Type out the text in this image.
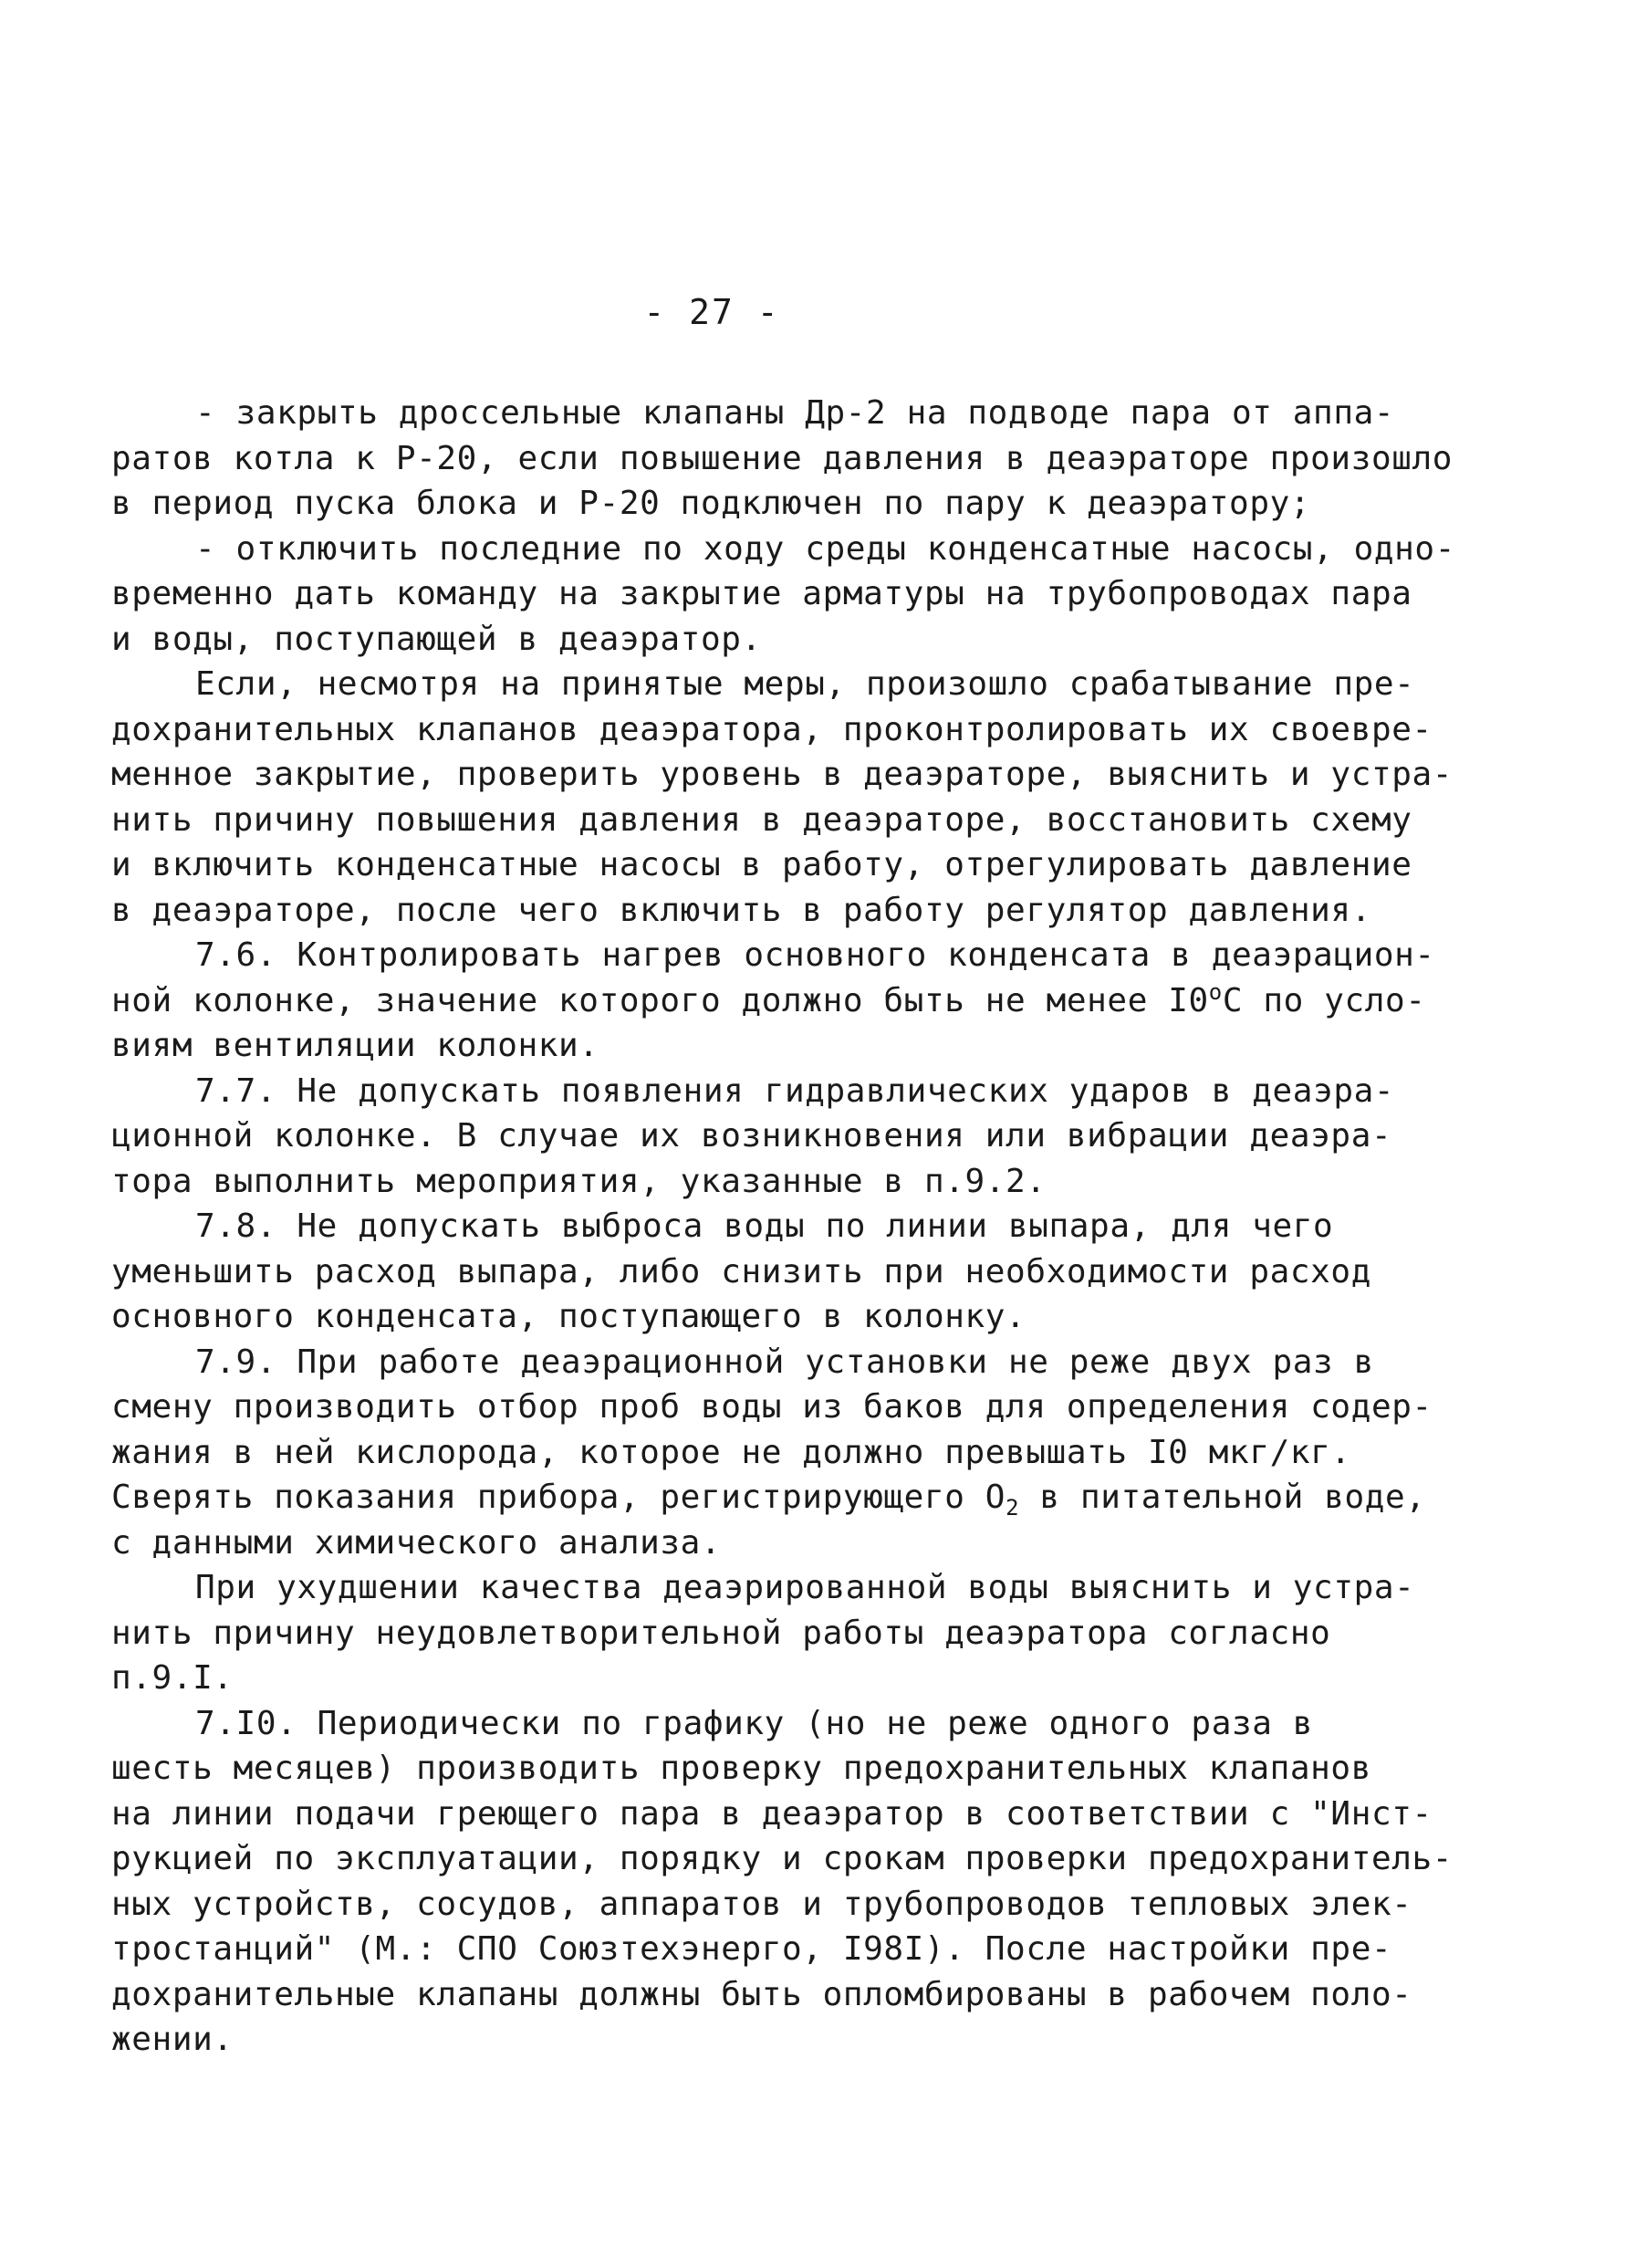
- 27 -
- закрыть дроссельные клапаны Др-2 на подводе пара от аппа-
ратов котла к Р-20, если повышение давления в деаэраторе произошло
в период пуска блока и Р-20 подключен по пару к деаэратору;
- отключить последние по ходу среды конденсатные насосы, одно-
временно дать команду на закрытие арматуры на трубопроводах пара
и воды, поступающей в деаэратор.
Если, несмотря на принятые меры, произошло срабатывание пре-
дохранительных клапанов деаэратора, проконтролировать их своевре-
менное закрытие, проверить уровень в деаэраторе, выяснить и устра-
нить причину повышения давления в деаэраторе, восстановить схему
и включить конденсатные насосы в работу, отрегулировать давление
в деаэраторе, после чего включить в работу регулятор давления.
7.6. Контролировать нагрев основного конденсата в деаэрацион-
ной колонке, значение которого должно быть не менее $I0^оС$ по усло-
виям вентиляции колонки.
7.7. Не допускать появления гидравлических ударов в деаэра-
ционной колонке. В случае их возникновения или вибрации деаэра-
тора выполнить мероприятия, указанные в п.9.2.
7.8. Не допускать выброса воды по линии выпара, для чего
уменьшить расход выпара, либо снизить при необходимости расход
основного конденсата, поступающего в колонку.
7.9. При работе деаэрационной установки не реже двух раз в
смену производить отбор проб воды из баков для определения содер-
жания в ней кислорода, которое не должно превышать I0 мкг/кг.
Сверять показания прибора, регистрирующего $О_2$ в питательной воде,
с данными химического анализа.
При ухудшении качества деаэрированной воды выяснить и устра-
нить причину неудовлетворительной работы деаэратора согласно
п.9.I.
7.I0. Периодически по графику (но не реже одного раза в
шесть месяцев) производить проверку предохранительных клапанов
на линии подачи греющего пара в деаэратор в соответствии с "Инст-
рукцией по эксплуатации, порядку и срокам проверки предохранитель-
ных устройств, сосудов, аппаратов и трубопроводов тепловых элек-
тростанций" (М.: СПО Союзтехэнерго, I98I). После настройки пре-
дохранительные клапаны должны быть опломбированы в рабочем поло-
жении.
